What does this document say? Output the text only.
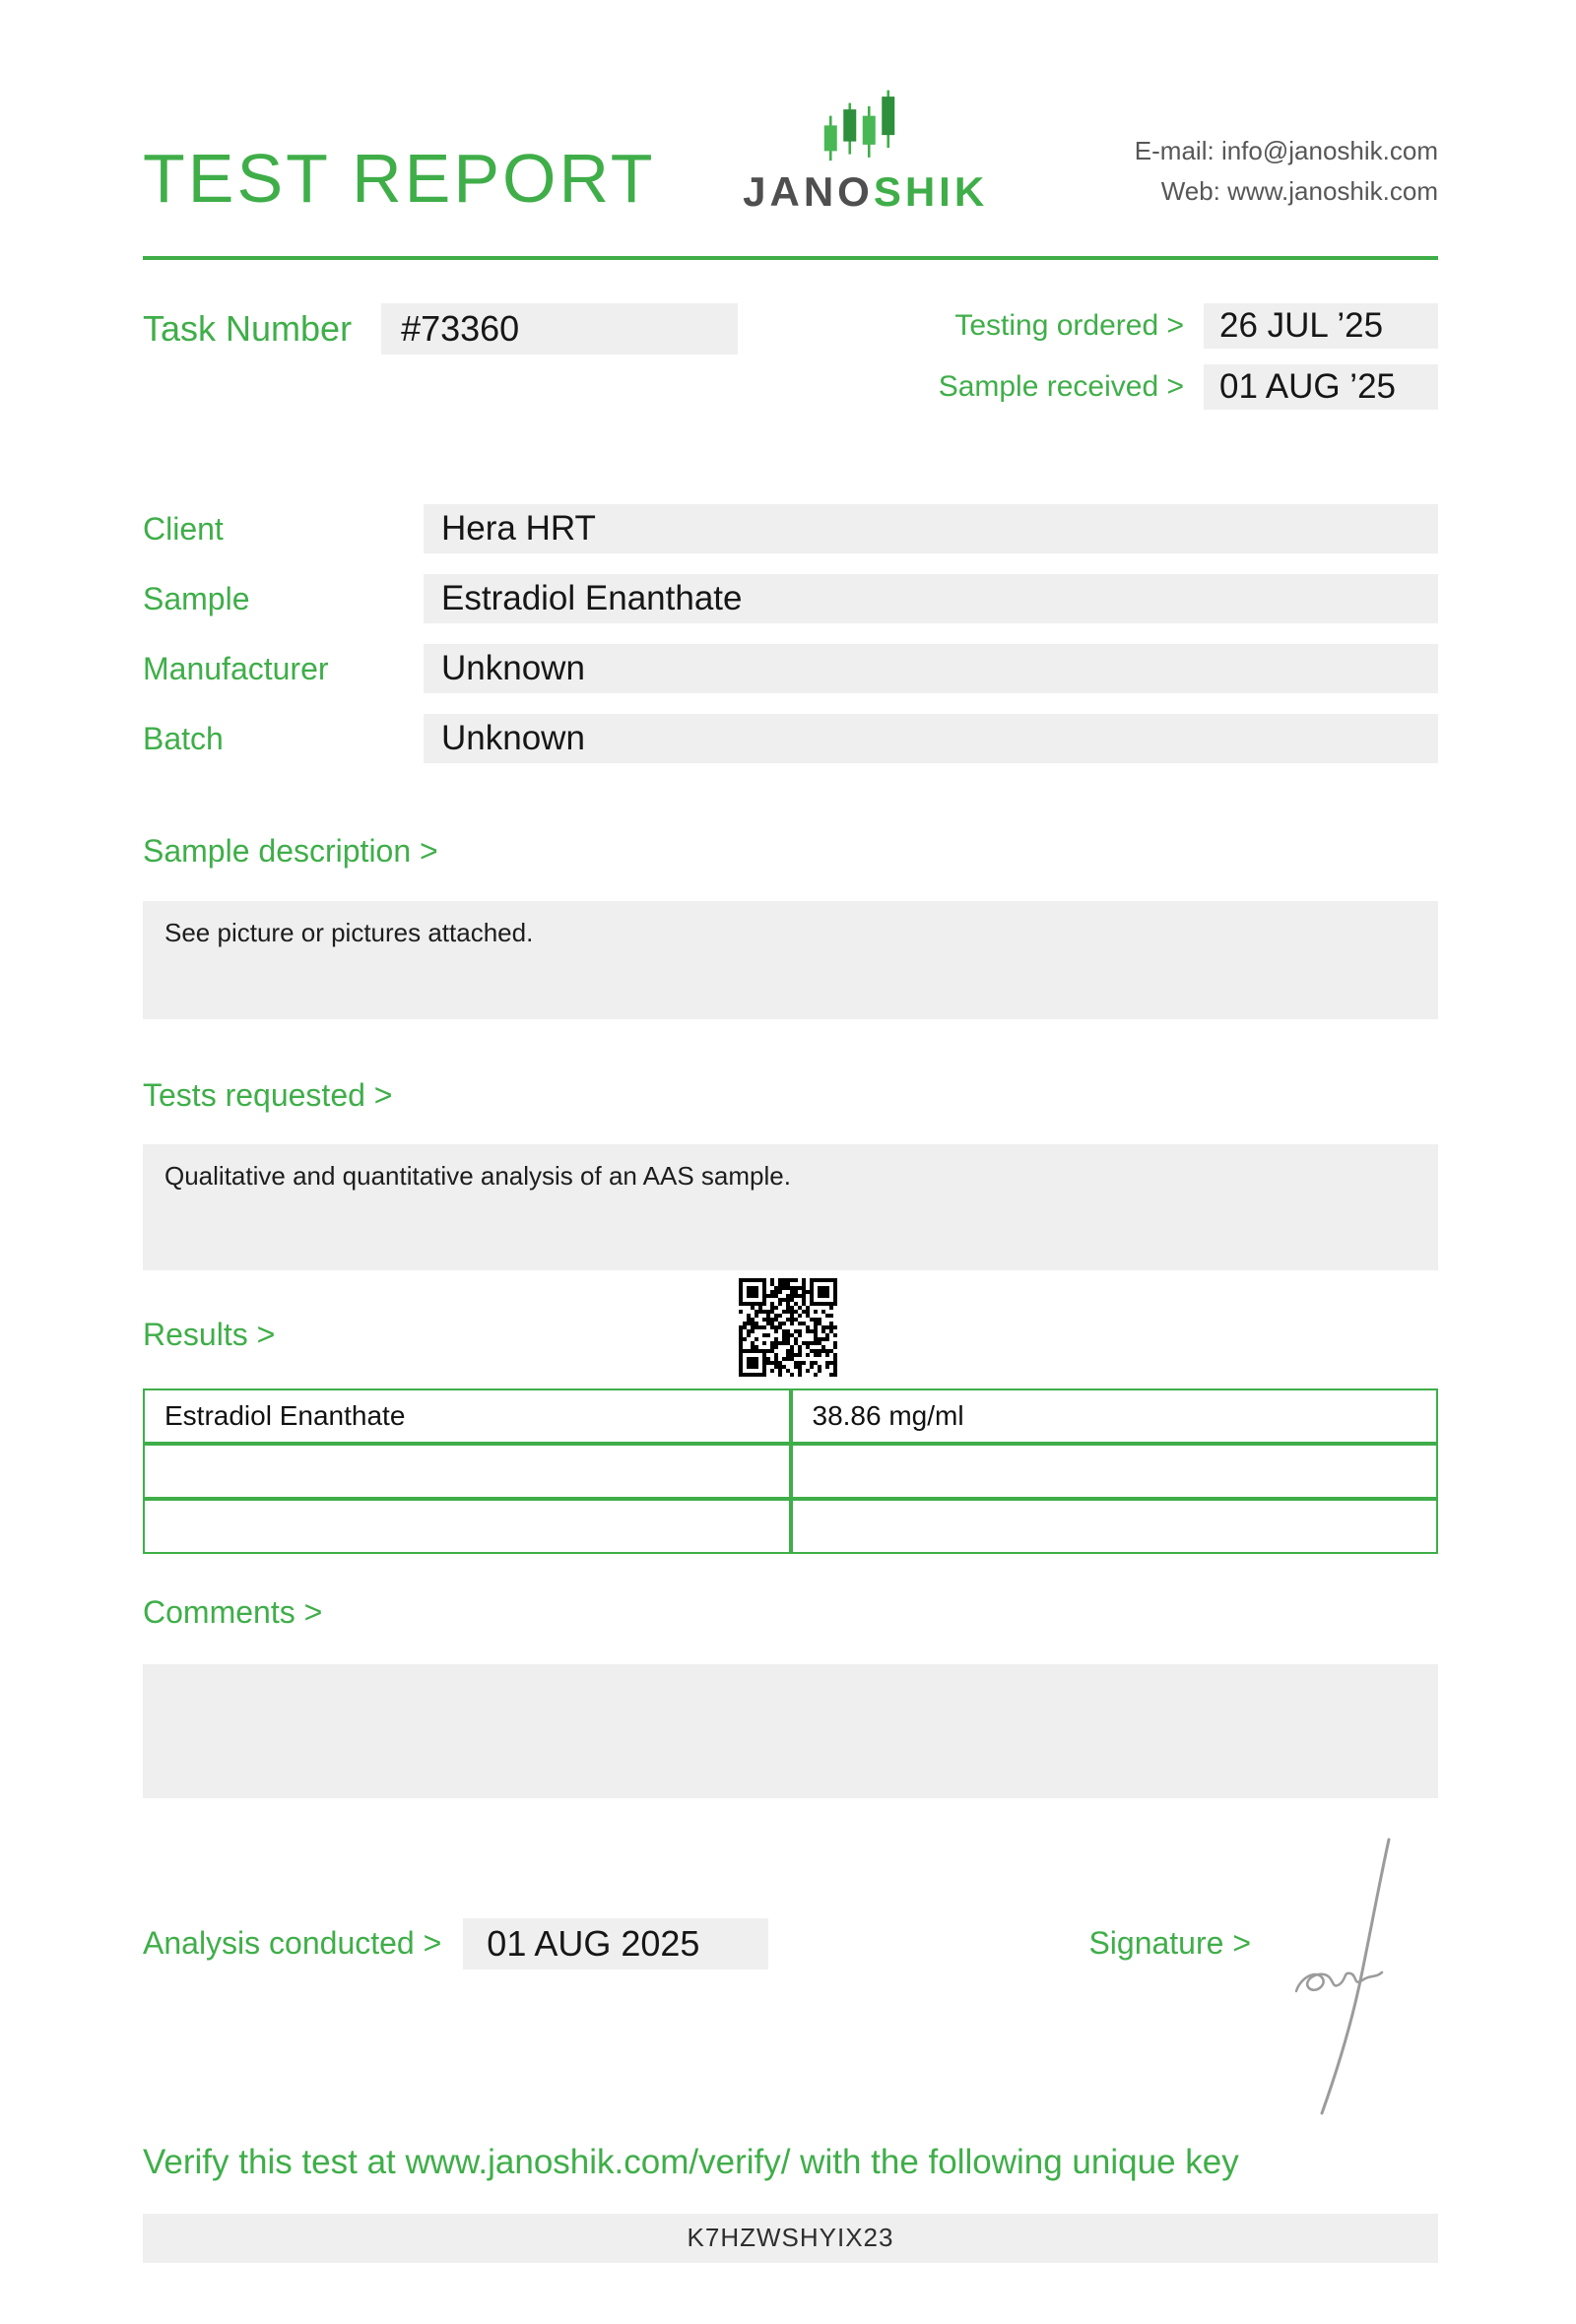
TEST REPORT JANOSHIK
E-mail: info@janoshik.com
Web: www.janoshik.com
Task Number	#73360	Testing ordered >	26 JUL ’25
Sample received >	01 AUG ’25
Client	Hera HRT
Sample	Estradiol Enanthate
Manufacturer	Unknown
Batch	Unknown
Sample description >
See picture or pictures attached.
Tests requested >
Qualitative and quantitative analysis of an AAS sample.
Results >
Estradiol Enanthate	38.86 mg/ml

Comments >
Analysis conducted >	01 AUG 2025	Signature >
Verify this test at www.janoshik.com/verify/ with the following unique key
K7HZWSHYIX23
